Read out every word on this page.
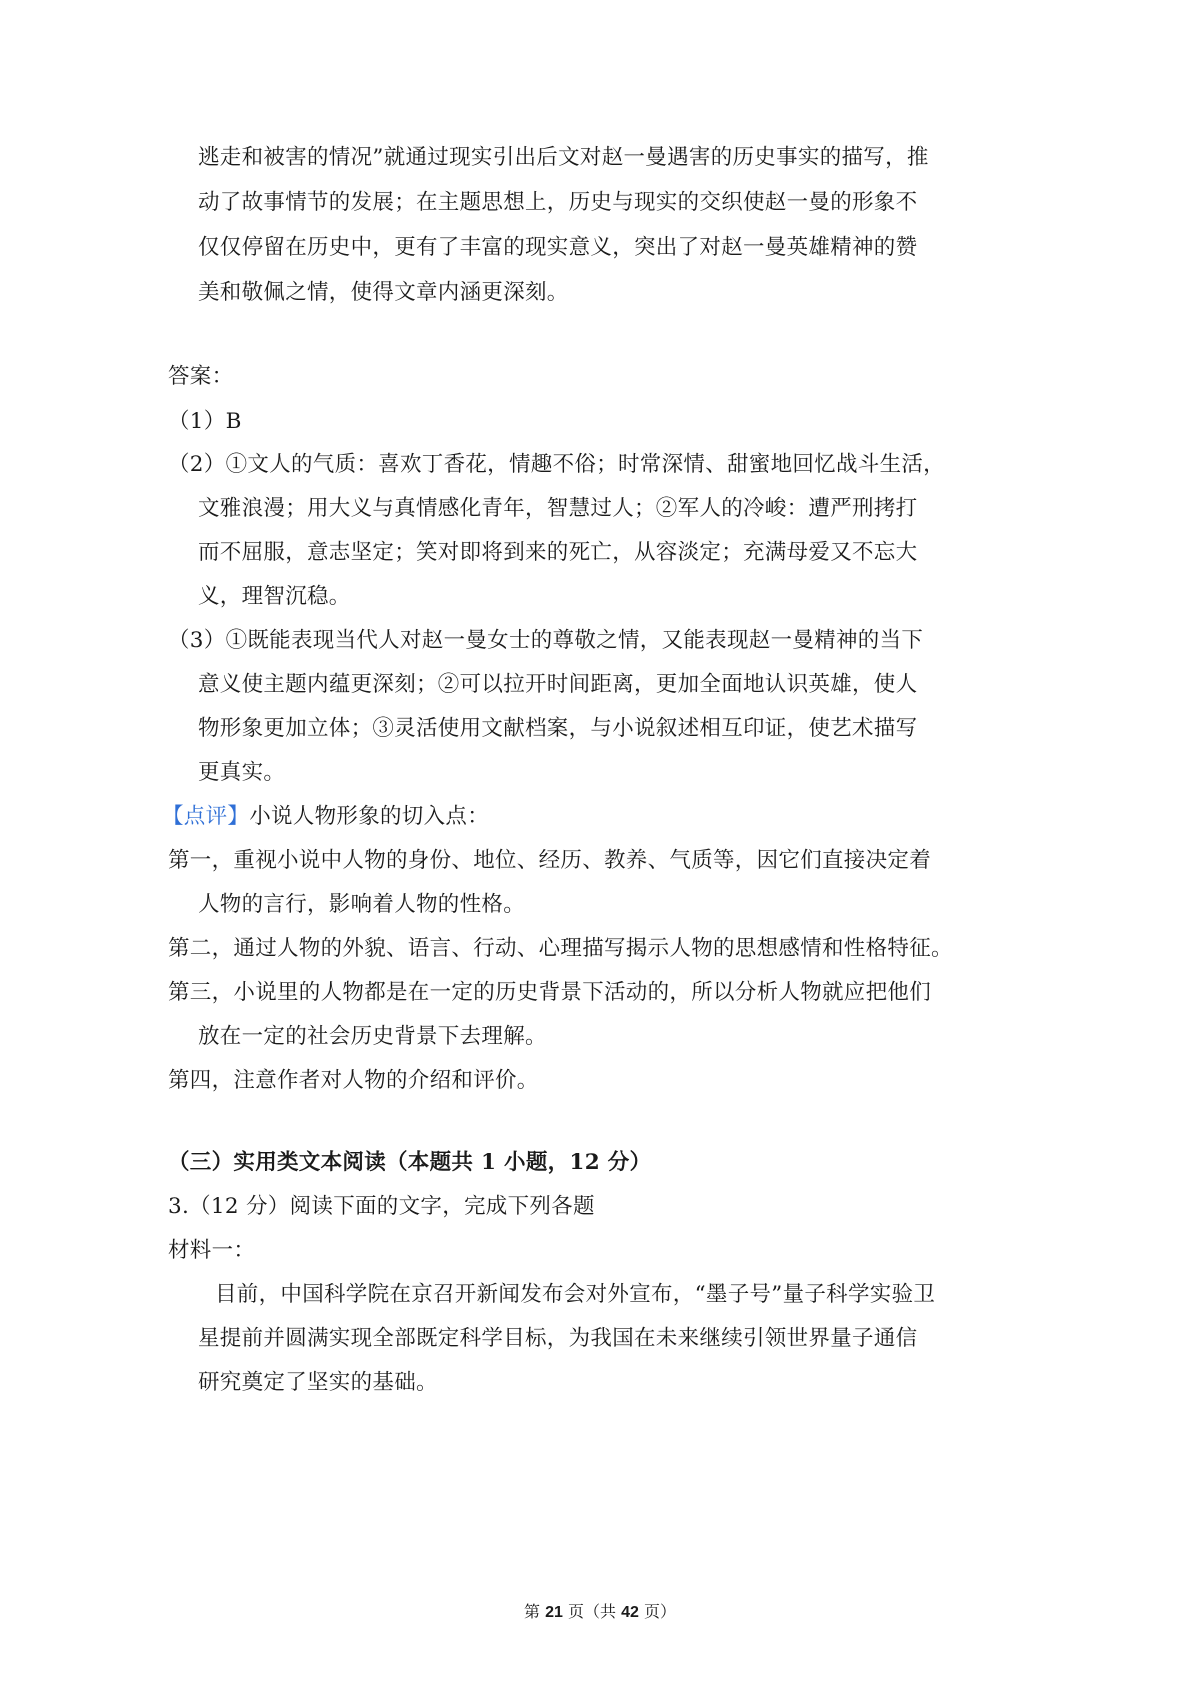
逃走和被害的情况”就通过现实引出后文对赵一曼遇害的历史事实的描写，推
动了故事情节的发展；在主题思想上，历史与现实的交织使赵一曼的形象不
仅仅停留在历史中，更有了丰富的现实意义，突出了对赵一曼英雄精神的赞
美和敬佩之情，使得文章内涵更深刻。
答案：
（1）B
（2）①文人的气质：喜欢丁香花，情趣不俗；时常深情、甜蜜地回忆战斗生活，
文雅浪漫；用大义与真情感化青年，智慧过人；②军人的冷峻：遭严刑拷打
而不屈服，意志坚定；笑对即将到来的死亡，从容淡定；充满母爱又不忘大
义，理智沉稳。
（3）①既能表现当代人对赵一曼女士的尊敬之情，又能表现赵一曼精神的当下
意义使主题内蕴更深刻；②可以拉开时间距离，更加全面地认识英雄，使人
物形象更加立体；③灵活使用文献档案，与小说叙述相互印证，使艺术描写
更真实。
【点评】小说人物形象的切入点：
第一，重视小说中人物的身份、地位、经历、教养、气质等，因它们直接决定着
人物的言行，影响着人物的性格。
第二，通过人物的外貌、语言、行动、心理描写揭示人物的思想感情和性格特征。
第三，小说里的人物都是在一定的历史背景下活动的，所以分析人物就应把他们
放在一定的社会历史背景下去理解。
第四，注意作者对人物的介绍和评价。
（三）实用类文本阅读（本题共 1 小题，12 分）
3.（12 分）阅读下面的文字，完成下列各题
材料一：
目前，中国科学院在京召开新闻发布会对外宣布，“墨子号”量子科学实验卫
星提前并圆满实现全部既定科学目标，为我国在未来继续引领世界量子通信
研究奠定了坚实的基础。
第 21 页（共 42 页）
